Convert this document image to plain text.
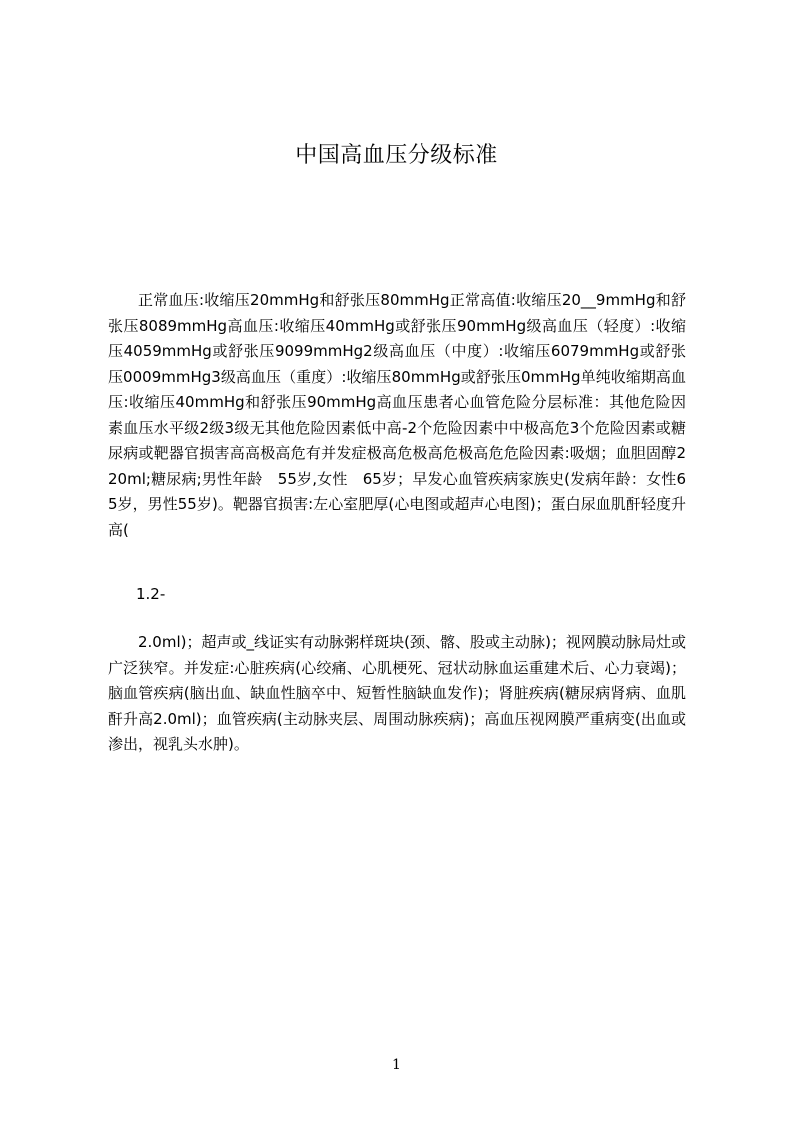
中国高血压分级标准

正常血压:收缩压20mmHg和舒张压80mmHg正常高值:收缩压20__9mmHg和舒张压8089mmHg高血压:收缩压40mmHg或舒张压90mmHg级高血压（轻度）:收缩压4059mmHg或舒张压9099mmHg2级高血压（中度）:收缩压6079mmHg或舒张压0009mmHg3级高血压（重度）:收缩压80mmHg或舒张压0mmHg单纯收缩期高血压:收缩压40mmHg和舒张压90mmHg高血压患者心血管危险分层标准：其他危险因素血压水平级2级3级无其他危险因素低中高-2个危险因素中中极高危3个危险因素或糖尿病或靶器官损害高高极高危有并发症极高危极高危极高危危险因素:吸烟；血胆固醇220ml;糖尿病;男性年龄　55岁,女性　65岁；早发心血管疾病家族史(发病年龄：女性65岁，男性55岁)。靶器官损害:左心室肥厚(心电图或超声心电图)；蛋白尿血肌酐轻度升高(

1.2-

2.0ml)；超声或_线证实有动脉粥样斑块(颈、髂、股或主动脉)；视网膜动脉局灶或广泛狭窄。并发症:心脏疾病(心绞痛、心肌梗死、冠状动脉血运重建术后、心力衰竭)；脑血管疾病(脑出血、缺血性脑卒中、短暂性脑缺血发作)；肾脏疾病(糖尿病肾病、血肌酐升高2.0ml)；血管疾病(主动脉夹层、周围动脉疾病)；高血压视网膜严重病变(出血或渗出，视乳头水肿)。

1
